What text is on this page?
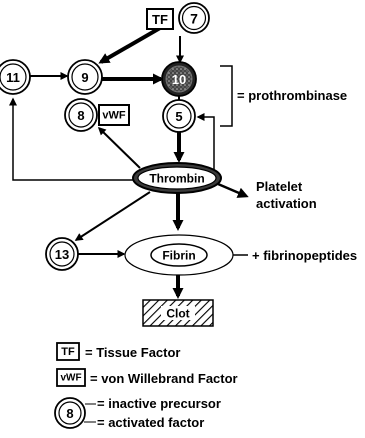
TF 7
11	9	10
8 vWF	5
= prothrombinase
Thrombin
Platelet
activation
13	Fibrin	+ fibrinopeptides
Clot
TF = Tissue Factor
vWF = von Willebrand Factor
8
= inactive precursor
= activated factor
